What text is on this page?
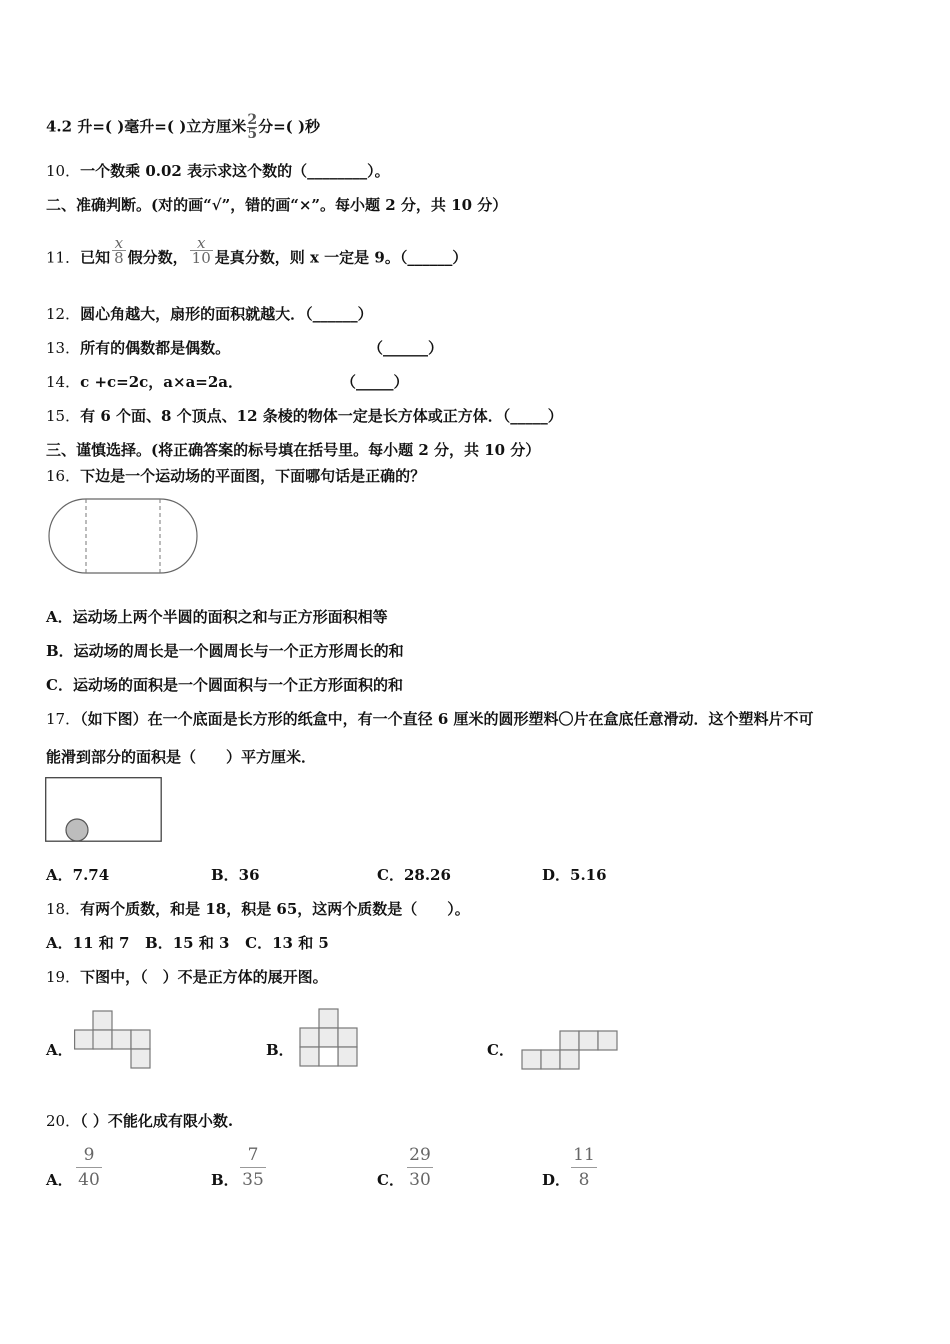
4.2 升=( )毫升=( )立方厘米 $\frac{2}{5}$ 分=( )秒
10．一个数乘 0.02 表示求这个数的（________）。
二、准确判断。(对的画“√”，错的画“×”。每小题 2 分，共 10 分）
11．已知 $\frac{x}{8}$ 假分数， $\frac{x}{10}$ 是真分数，则 x 一定是 9。（______）
12．圆心角越大，扇形的面积就越大．（______）
13．所有的偶数都是偶数。	（______）
14．c +c=2c，a×a=2a．	（_____）
15．有 6 个面、8 个顶点、12 条棱的物体一定是长方体或正方体．（_____）
三、谨慎选择。(将正确答案的标号填在括号里。每小题 2 分，共 10 分）
16．下边是一个运动场的平面图，下面哪句话是正确的？
A．运动场上两个半圆的面积之和与正方形面积相等
B．运动场的周长是一个圆周长与一个正方形周长的和
C．运动场的面积是一个圆面积与一个正方形面积的和
17．（如下图）在一个底面是长方形的纸盒中，有一个直径 6 厘米的圆形塑料〇片在盒底任意滑动．这个塑料片不可
能滑到部分的面积是（　　）平方厘米．
A．7.74	B．36	C．28.26	D．5.16
18．有两个质数，和是 18，积是 65，这两个质数是（　　）。
A．11 和 7   B．15 和 3   C．13 和 5
19．下图中，（　）不是正方体的展开图。
A．	B．	C．
20．（ ）不能化成有限小数.
A． $\frac{9}{40}$	B． $\frac{7}{35}$	C． $\frac{29}{30}$	D． $\frac{11}{8}$
